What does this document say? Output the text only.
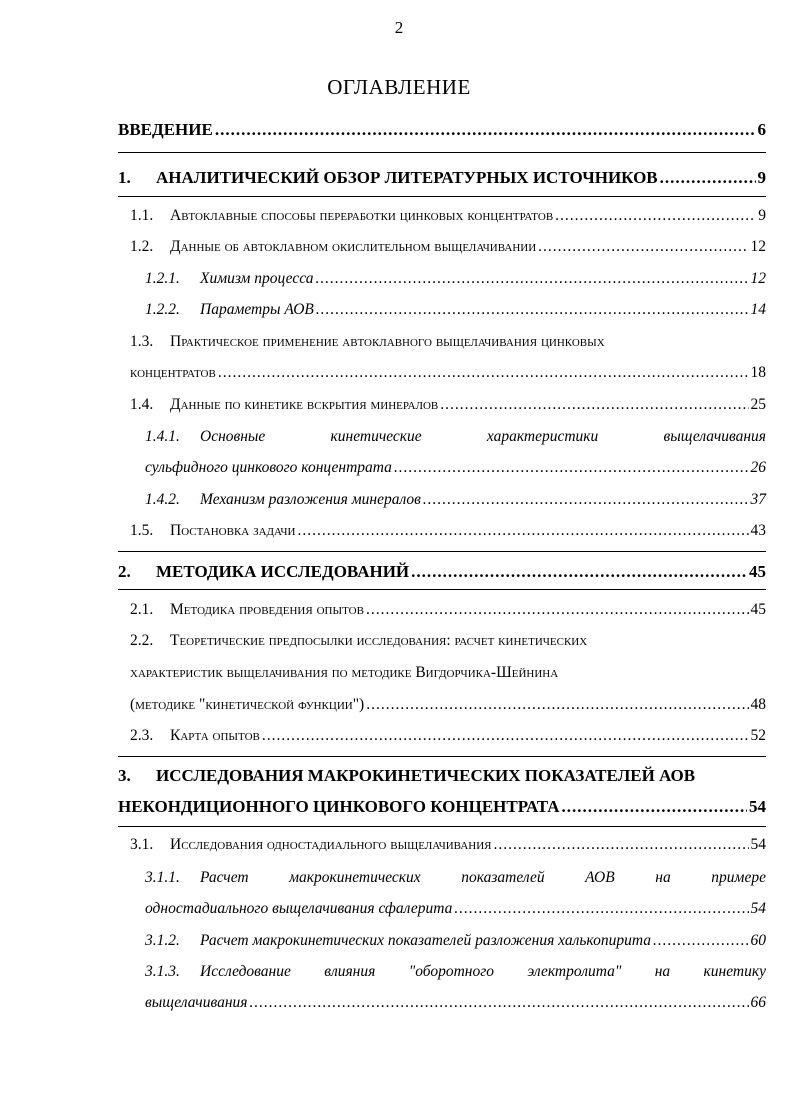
2
ОГЛАВЛЕНИЕ
ВВЕДЕНИЕ .....	6
1.	АНАЛИТИЧЕСКИЙ ОБЗОР ЛИТЕРАТУРНЫХ ИСТОЧНИКОВ .....	9
1.1.	Автоклавные способы переработки цинковых концентратов .....	9
1.2.	Данные об автоклавном окислительном выщелачивании .....	12
1.2.1.	Химизм процесса .....	12
1.2.2.	Параметры АОВ .....	14
1.3.	Практическое применение автоклавного выщелачивания цинковых
концентратов .....	18
1.4.	Данные по кинетике вскрытия минералов .....	25
1.4.1.	Основные	кинетические	характеристики	выщелачивания
сульфидного цинкового концентрата .....	26
1.4.2.	Механизм разложения минералов .....	37
1.5.	Постановка задачи .....	43
2.	МЕТОДИКА ИССЛЕДОВАНИЙ .....	45
2.1.	Методика проведения опытов .....	45
2.2.	Теоретические предпосылки исследования: расчет кинетических
характеристик выщелачивания по методике Вигдорчика-Шейнина
(методике "кинетической функции") .....	48
2.3.	Карта опытов .....	52
3.	ИССЛЕДОВАНИЯ МАКРОКИНЕТИЧЕСКИХ ПОКАЗАТЕЛЕЙ АОВ
НЕКОНДИЦИОННОГО ЦИНКОВОГО КОНЦЕНТРАТА .....	54
3.1.	Исследования одностадиального выщелачивания .....	54
3.1.1.	Расчет	макрокинетических	показателей	АОВ	на	примере
одностадиального выщелачивания сфалерита .....	54
3.1.2.	Расчет макрокинетических показателей разложения халькопирита .....	60
3.1.3.	Исследование влияния "оборотного электролита" на кинетику
выщелачивания .....	66
